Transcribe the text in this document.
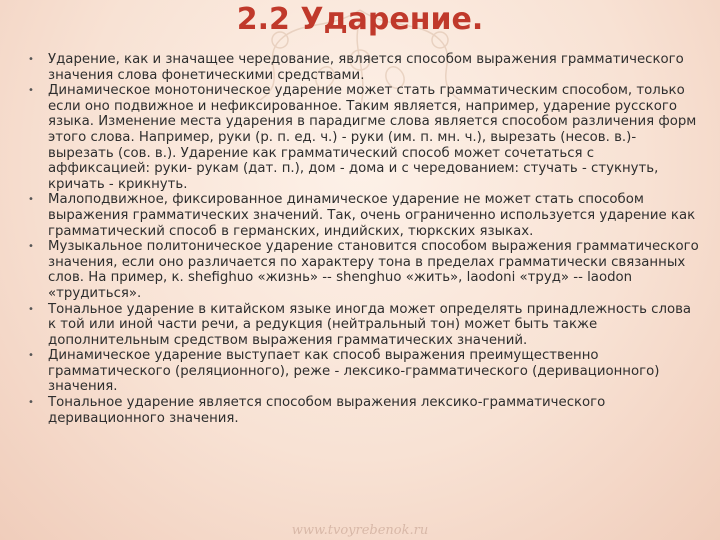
2.2 Ударение.
• Ударение, как и значащее чередование, является способом выражения грамматического значения слова фонетическими средствами.
• Динамическое монотоническое ударение может стать грамматическим способом, только если оно подвижное и нефиксированное. Таким является, например, ударение русского языка. Изменение места ударения в парадигме слова является способом различения форм этого слова. Например, руки (р. п. ед. ч.) - руки (им. п. мн. ч.), вырезать (несов. в.)-вырезать (сов. в.). Ударение как грамматический способ может сочетаться с аффиксацией: руки- рукам (дат. п.), дом - дома и с чередованием: стучать - стукнуть, кричать - крикнуть.
• Малоподвижное, фиксированное динамическое ударение не может стать способом выражения грамматических значений. Так, очень ограниченно используется ударение как грамматический способ в германских, индийских, тюркских языках.
• Музыкальное политоническое ударение становится способом выражения грамматического значения, если оно различается по характеру тона в пределах грамматически связанных слов. На пример, к. shefighuo «жизнь» -- shenghuo «жить», laodoni «труд» -- laodon «трудиться».
• Тональное ударение в китайском языке иногда может определять принадлежность слова к той или иной части речи, а редукция (нейтральный тон) может быть также дополнительным средством выражения грамматических значений.
• Динамическое ударение выступает как способ выражения преимущественно грамматического (реляционного), реже - лексико-грамматического (деривационного) значения.
• Тональное ударение является способом выражения лексико-грамматического деривационного значения.
www.tvoyrebenok.ru
